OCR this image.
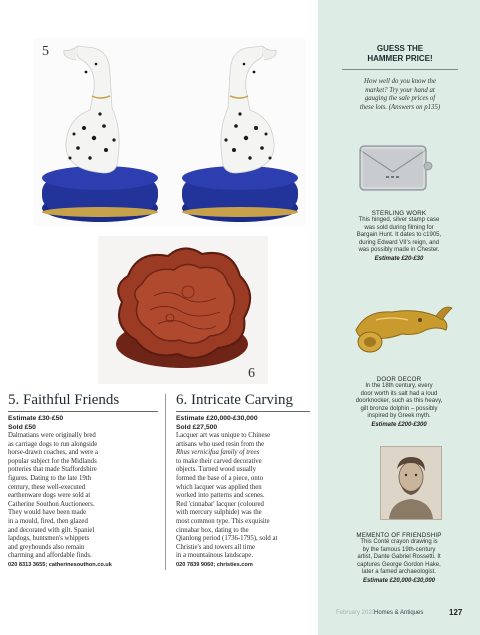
5
6
5. Faithful Friends
Estimate £30-£50
Sold £50
Dalmatians were originally bred
as carriage dogs to run alongside
horse-drawn coaches, and were a
popular subject for the Midlands
potteries that made Staffordshire
figures. Dating to the late 19th
century, these well-executed
earthenware dogs were sold at
Catherine Southon Auctioneers.
They would have been made
in a mould, fired, then glazed
and decorated with gilt. Spaniel
lapdogs, huntsmen's whippets
and greyhounds also remain
charming and affordable finds.
020 8313 3655; catherinesouthon.co.uk
6. Intricate Carving
Estimate £20,000-£30,000
Sold £27,500
Lacquer art was unique to Chinese
artisans who used resin from the
Rhus vernicifua family of trees
to make their carved decorative
objects. Turned wood usually
formed the base of a piece, onto
which lacquer was applied then
worked into patterns and scenes.
Red 'cinnabar' lacquer (coloured
with mercury sulphide) was the
most common type. This exquisite
cinnabar box, dating to the
Qianlong period (1736-1795), sold at
Christie's and towers all time
in a mountainous landscape.
020 7839 9060; christies.com
GUESS THE
HAMMER PRICE!
How well do you know the
market? Try your hand at
gauging the sale prices of
these lots. (Answers on p135)
STERLING WORK
This hinged, silver stamp case
was sold during filming for
Bargain Hunt. It dates to c1905,
during Edward VII's reign, and
was possibly made in Chester.
Estimate £20-£30
DOOR DECOR
In the 18th century, every
door worth its salt had a loud
doorknocker, such as this heavy,
gilt bronze dolphin – possibly
inspired by Greek myth.
Estimate £200-£300
MEMENTO OF FRIENDSHIP
This Conté crayon drawing is
by the famous 19th-century
artist, Dante Gabriel Rossetti. It
captures George Gordon Hake,
later a famed archaeologist.
Estimate £20,000-£30,000
February 2020
Homes & Antiques	127
